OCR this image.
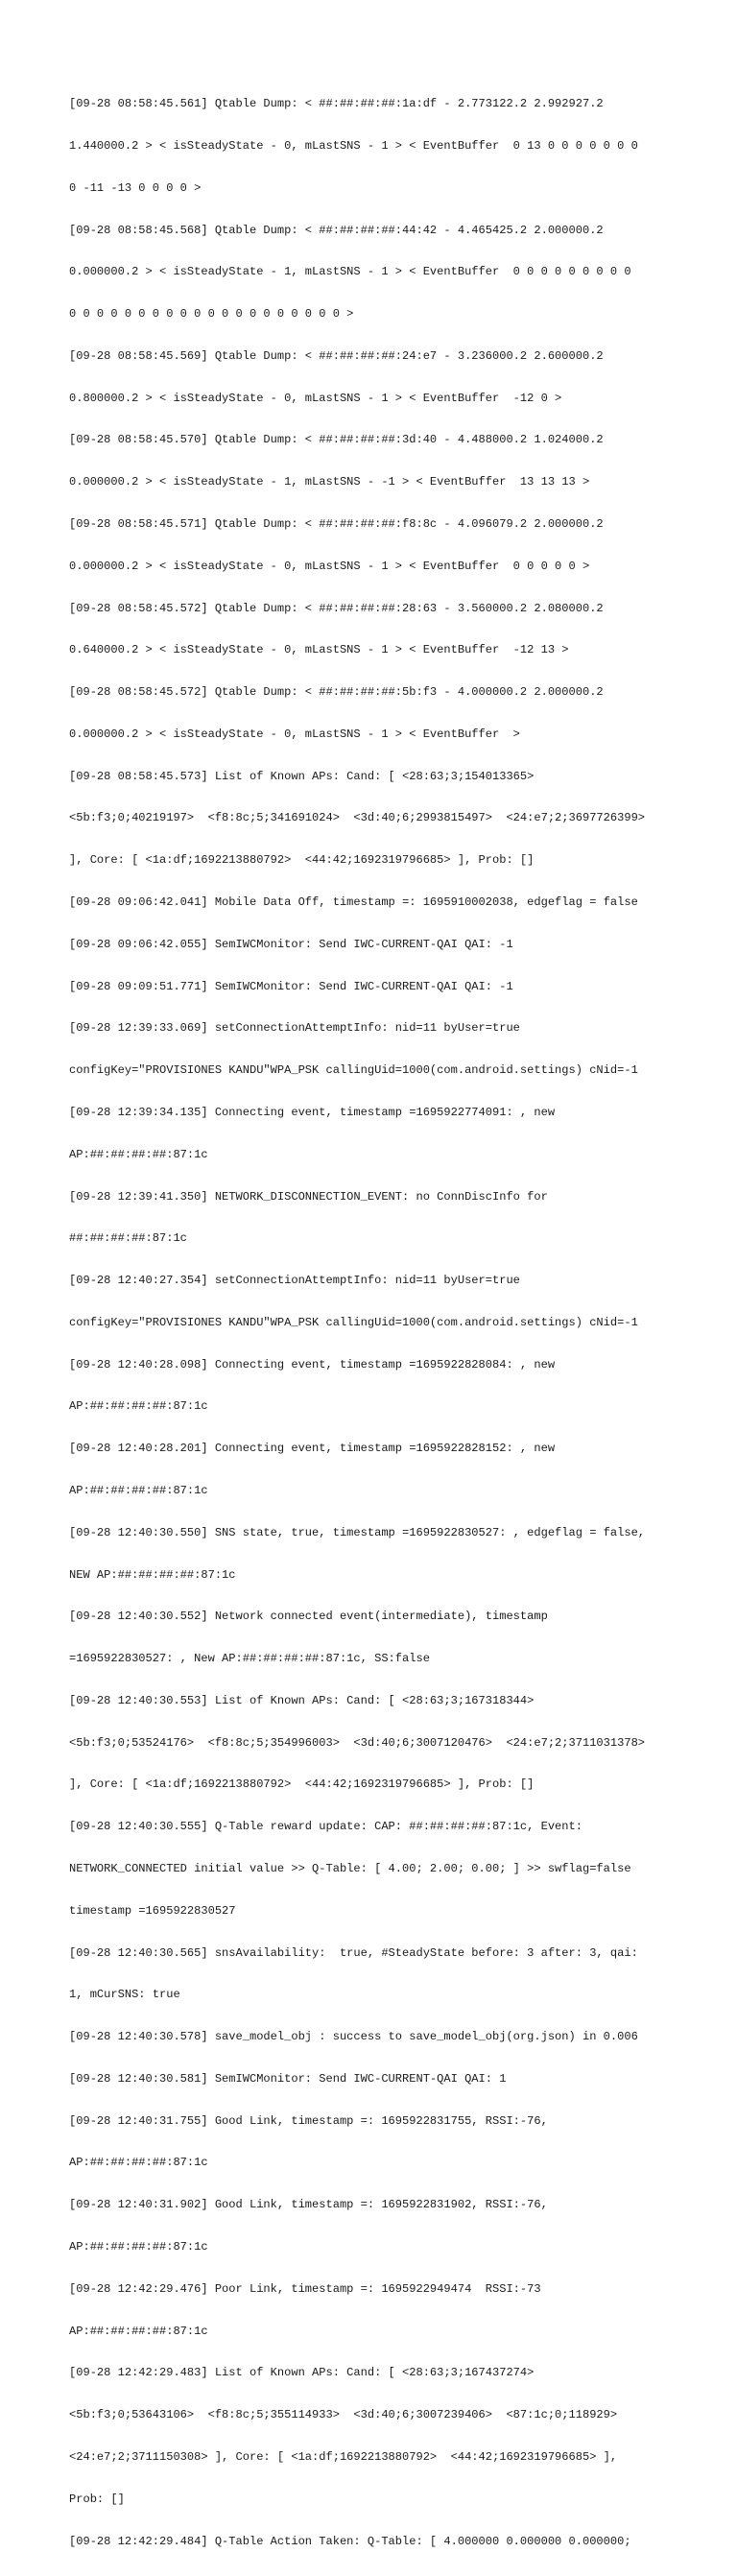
[09-28 08:58:45.561] Qtable Dump: < ##:##:##:##:1a:df - 2.773122.2 2.992927.2

1.440000.2 > < isSteadyState - 0, mLastSNS - 1 > < EventBuffer  0 13 0 0 0 0 0 0 0

0 -11 -13 0 0 0 0 >

[09-28 08:58:45.568] Qtable Dump: < ##:##:##:##:44:42 - 4.465425.2 2.000000.2

0.000000.2 > < isSteadyState - 1, mLastSNS - 1 > < EventBuffer  0 0 0 0 0 0 0 0 0

0 0 0 0 0 0 0 0 0 0 0 0 0 0 0 0 0 0 0 0 >

[09-28 08:58:45.569] Qtable Dump: < ##:##:##:##:24:e7 - 3.236000.2 2.600000.2

0.800000.2 > < isSteadyState - 0, mLastSNS - 1 > < EventBuffer  -12 0 >

[09-28 08:58:45.570] Qtable Dump: < ##:##:##:##:3d:40 - 4.488000.2 1.024000.2

0.000000.2 > < isSteadyState - 1, mLastSNS - -1 > < EventBuffer  13 13 13 >

[09-28 08:58:45.571] Qtable Dump: < ##:##:##:##:f8:8c - 4.096079.2 2.000000.2

0.000000.2 > < isSteadyState - 0, mLastSNS - 1 > < EventBuffer  0 0 0 0 0 >

[09-28 08:58:45.572] Qtable Dump: < ##:##:##:##:28:63 - 3.560000.2 2.080000.2

0.640000.2 > < isSteadyState - 0, mLastSNS - 1 > < EventBuffer  -12 13 >

[09-28 08:58:45.572] Qtable Dump: < ##:##:##:##:5b:f3 - 4.000000.2 2.000000.2

0.000000.2 > < isSteadyState - 0, mLastSNS - 1 > < EventBuffer  >

[09-28 08:58:45.573] List of Known APs: Cand: [ <28:63;3;154013365>

<5b:f3;0;40219197>  <f8:8c;5;341691024>  <3d:40;6;2993815497>  <24:e7;2;3697726399>

], Core: [ <1a:df;1692213880792>  <44:42;1692319796685> ], Prob: []

[09-28 09:06:42.041] Mobile Data Off, timestamp =: 1695910002038, edgeflag = false

[09-28 09:06:42.055] SemIWCMonitor: Send IWC-CURRENT-QAI QAI: -1

[09-28 09:09:51.771] SemIWCMonitor: Send IWC-CURRENT-QAI QAI: -1

[09-28 12:39:33.069] setConnectionAttemptInfo: nid=11 byUser=true

configKey="PROVISIONES KANDU"WPA_PSK callingUid=1000(com.android.settings) cNid=-1

[09-28 12:39:34.135] Connecting event, timestamp =1695922774091: , new

AP:##:##:##:##:87:1c

[09-28 12:39:41.350] NETWORK_DISCONNECTION_EVENT: no ConnDiscInfo for

##:##:##:##:87:1c

[09-28 12:40:27.354] setConnectionAttemptInfo: nid=11 byUser=true

configKey="PROVISIONES KANDU"WPA_PSK callingUid=1000(com.android.settings) cNid=-1

[09-28 12:40:28.098] Connecting event, timestamp =1695922828084: , new

AP:##:##:##:##:87:1c

[09-28 12:40:28.201] Connecting event, timestamp =1695922828152: , new

AP:##:##:##:##:87:1c

[09-28 12:40:30.550] SNS state, true, timestamp =1695922830527: , edgeflag = false,

NEW AP:##:##:##:##:87:1c

[09-28 12:40:30.552] Network connected event(intermediate), timestamp

=1695922830527: , New AP:##:##:##:##:87:1c, SS:false

[09-28 12:40:30.553] List of Known APs: Cand: [ <28:63;3;167318344>

<5b:f3;0;53524176>  <f8:8c;5;354996003>  <3d:40;6;3007120476>  <24:e7;2;3711031378>

], Core: [ <1a:df;1692213880792>  <44:42;1692319796685> ], Prob: []

[09-28 12:40:30.555] Q-Table reward update: CAP: ##:##:##:##:87:1c, Event:

NETWORK_CONNECTED initial value >> Q-Table: [ 4.00; 2.00; 0.00; ] >> swflag=false

timestamp =1695922830527

[09-28 12:40:30.565] snsAvailability:  true, #SteadyState before: 3 after: 3, qai:

1, mCurSNS: true

[09-28 12:40:30.578] save_model_obj : success to save_model_obj(org.json) in 0.006

[09-28 12:40:30.581] SemIWCMonitor: Send IWC-CURRENT-QAI QAI: 1

[09-28 12:40:31.755] Good Link, timestamp =: 1695922831755, RSSI:-76,

AP:##:##:##:##:87:1c

[09-28 12:40:31.902] Good Link, timestamp =: 1695922831902, RSSI:-76,

AP:##:##:##:##:87:1c

[09-28 12:42:29.476] Poor Link, timestamp =: 1695922949474  RSSI:-73

AP:##:##:##:##:87:1c

[09-28 12:42:29.483] List of Known APs: Cand: [ <28:63;3;167437274>

<5b:f3;0;53643106>  <f8:8c;5;355114933>  <3d:40;6;3007239406>  <87:1c;0;118929>

<24:e7;2;3711150308> ], Core: [ <1a:df;1692213880792>  <44:42;1692319796685> ],

Prob: []

[09-28 12:42:29.484] Q-Table Action Taken: Q-Table: [ 4.000000 0.000000 0.000000;
